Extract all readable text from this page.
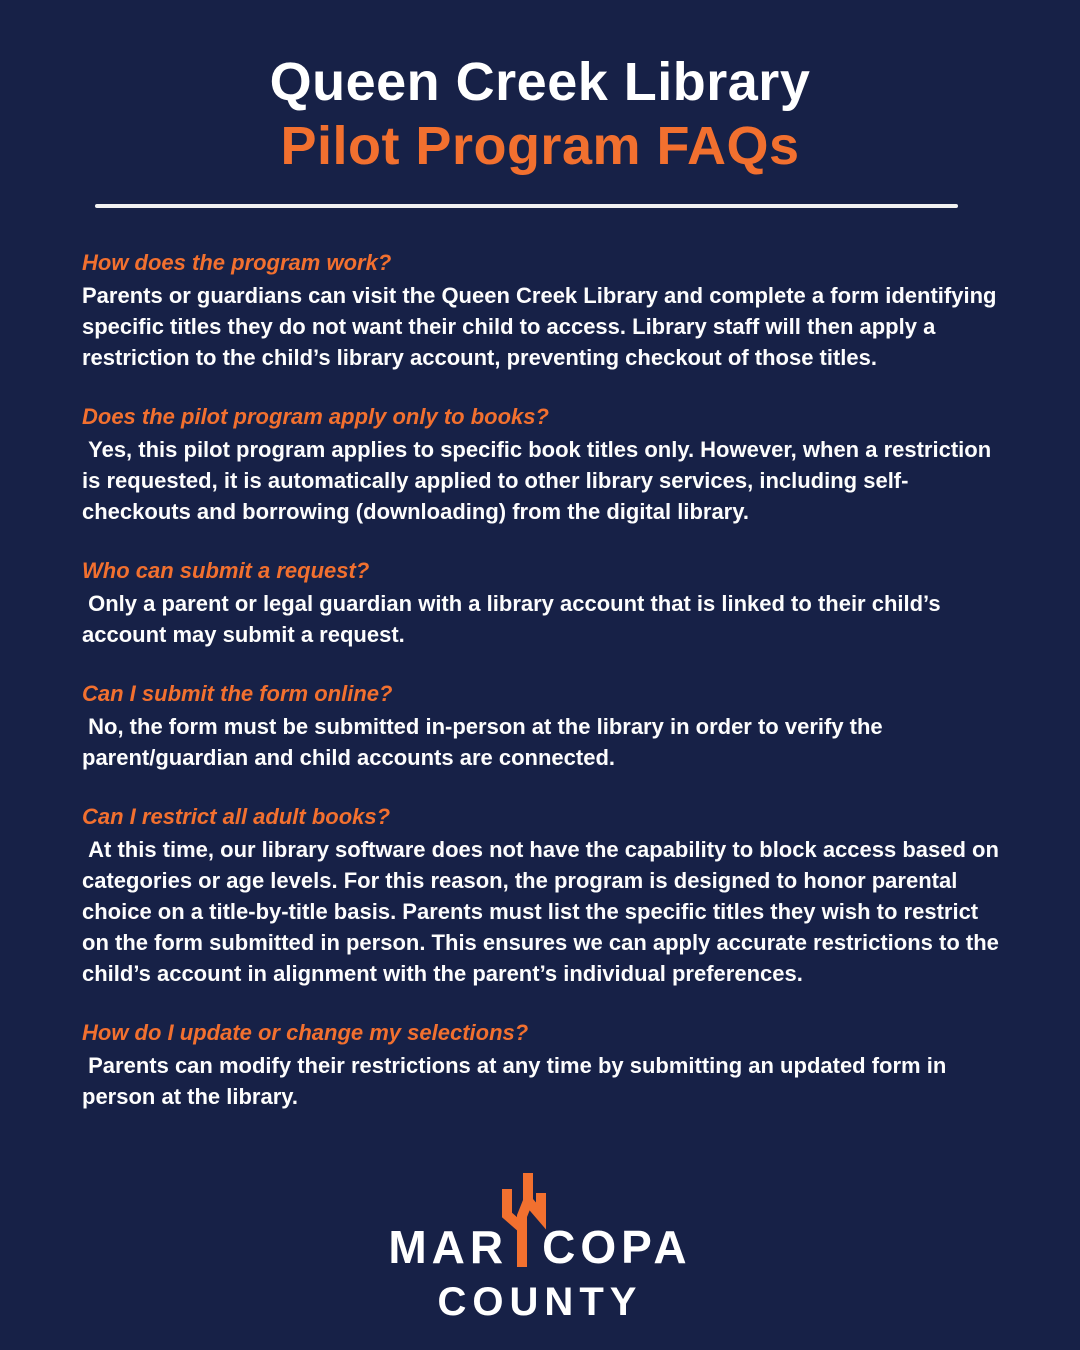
Queen Creek Library
Pilot Program FAQs
How does the program work?

Parents or guardians can visit the Queen Creek Library and complete a form identifying specific titles they do not want their child to access. Library staff will then apply a restriction to the child’s library account, preventing checkout of those titles.

Does the pilot program apply only to books?

Yes, this pilot program applies to specific book titles only. However, when a restriction is requested, it is automatically applied to other library services, including self-checkouts and borrowing (downloading) from the digital library.

Who can submit a request?

Only a parent or legal guardian with a library account that is linked to their child’s account may submit a request.

Can I submit the form online?

No, the form must be submitted in-person at the library in order to verify the parent/guardian and child accounts are connected.

Can I restrict all adult books?

At this time, our library software does not have the capability to block access based on categories or age levels. For this reason, the program is designed to honor parental choice on a title-by-title basis. Parents must list the specific titles they wish to restrict on the form submitted in person. This ensures we can apply accurate restrictions to the child’s account in alignment with the parent’s individual preferences.

How do I update or change my selections?

Parents can modify their restrictions at any time by submitting an updated form in person at the library.

MAR COPA
COUNTY
